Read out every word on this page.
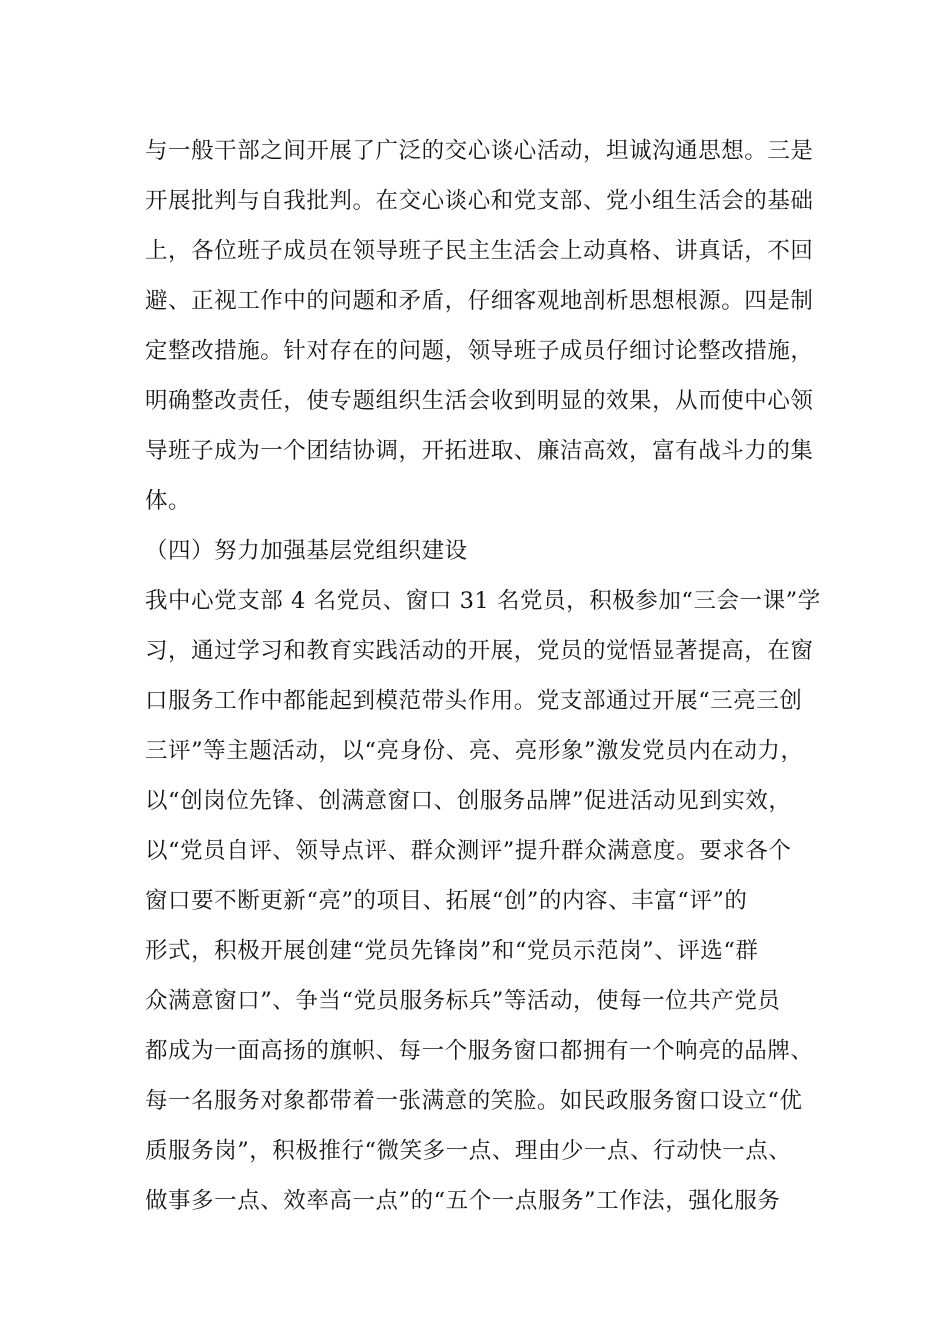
与一般干部之间开展了广泛的交心谈心活动，坦诚沟通思想。三是

开展批判与自我批判。在交心谈心和党支部、党小组生活会的基础

上，各位班子成员在领导班子民主生活会上动真格、讲真话，不回

避、正视工作中的问题和矛盾，仔细客观地剖析思想根源。四是制

定整改措施。针对存在的问题，领导班子成员仔细讨论整改措施，

明确整改责任，使专题组织生活会收到明显的效果，从而使中心领

导班子成为一个团结协调，开拓进取、廉洁高效，富有战斗力的集

体。

（四）努力加强基层党组织建设

我中心党支部 4 名党员、窗口 31 名党员，积极参加“三会一课”学

习，通过学习和教育实践活动的开展，党员的觉悟显著提高，在窗

口服务工作中都能起到模范带头作用。党支部通过开展“三亮三创

三评”等主题活动，以“亮身份、亮、亮形象”激发党员内在动力，

以“创岗位先锋、创满意窗口、创服务品牌”促进活动见到实效，

以“党员自评、领导点评、群众测评”提升群众满意度。要求各个

窗口要不断更新“亮”的项目、拓展“创”的内容、丰富“评”的

形式，积极开展创建“党员先锋岗”和“党员示范岗”、评选“群

众满意窗口”、争当“党员服务标兵”等活动，使每一位共产党员

都成为一面高扬的旗帜、每一个服务窗口都拥有一个响亮的品牌、

每一名服务对象都带着一张满意的笑脸。如民政服务窗口设立“优

质服务岗”，积极推行“微笑多一点、理由少一点、行动快一点、

做事多一点、效率高一点”的“五个一点服务”工作法，强化服务
